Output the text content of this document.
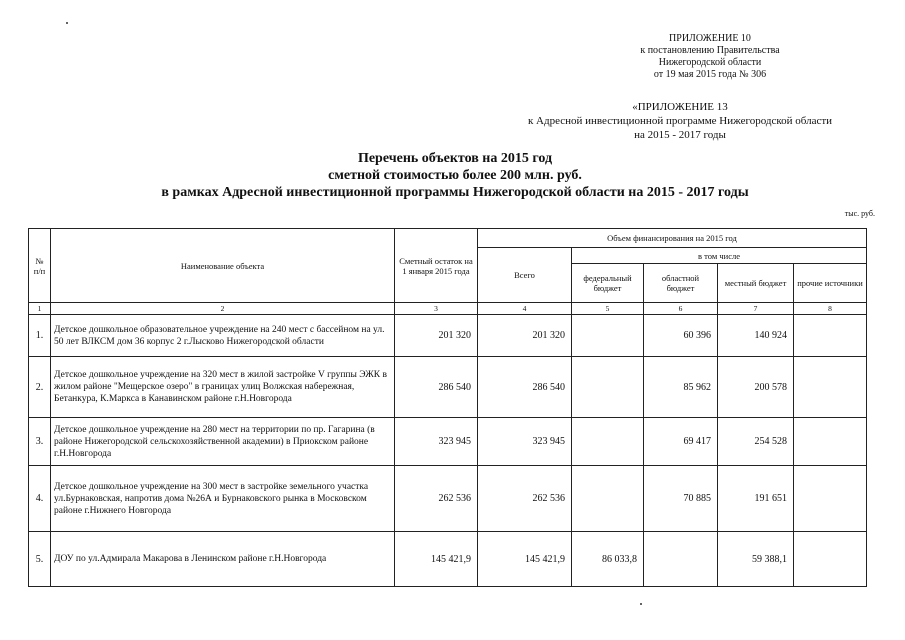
ПРИЛОЖЕНИЕ 10
к постановлению Правительства
Нижегородской области
от 19 мая 2015 года № 306
«ПРИЛОЖЕНИЕ 13
к Адресной инвестиционной программе Нижегородской области
на 2015 - 2017 годы
Перечень объектов на 2015 год
сметной стоимостью более 200 млн. руб.
в рамках Адресной инвестиционной программы Нижегородской области на 2015 - 2017 годы
тыс. руб.
№ п/п	Наименование объекта	Сметный остаток на 1 января 2015 года	Объем финансирования на 2015 год				
			Всего	в том числе			
				федеральный бюджет	областной бюджет	местный бюджет	прочие источники
1	2	3	4	5	6	7	8
1.	Детское дошкольное образовательное учреждение на 240 мест с бассейном на ул. 50 лет ВЛКСМ дом 36 корпус 2 г.Лысково Нижегородской области	201 320	201 320		60 396	140 924	
2.	Детское дошкольное учреждение на 320 мест в жилой застройке V группы ЭЖК в жилом районе "Мещерское озеро" в границах улиц Волжская набережная, Бетанкура, К.Маркса в Канавинском районе г.Н.Новгорода	286 540	286 540		85 962	200 578	
3.	Детское дошкольное учреждение на 280 мест на территории по пр. Гагарина (в районе Нижегородской сельскохозяйственной академии) в Приокском районе г.Н.Новгорода	323 945	323 945		69 417	254 528	
4.	Детское дошкольное учреждение на 300 мест в застройке земельного участка ул.Бурнаковская, напротив дома №26А и Бурнаковского рынка в Московском районе г.Нижнего Новгорода	262 536	262 536		70 885	191 651	
5.	ДОУ по ул.Адмирала Макарова в Ленинском районе г.Н.Новгорода	145 421,9	145 421,9	86 033,8		59 388,1	
